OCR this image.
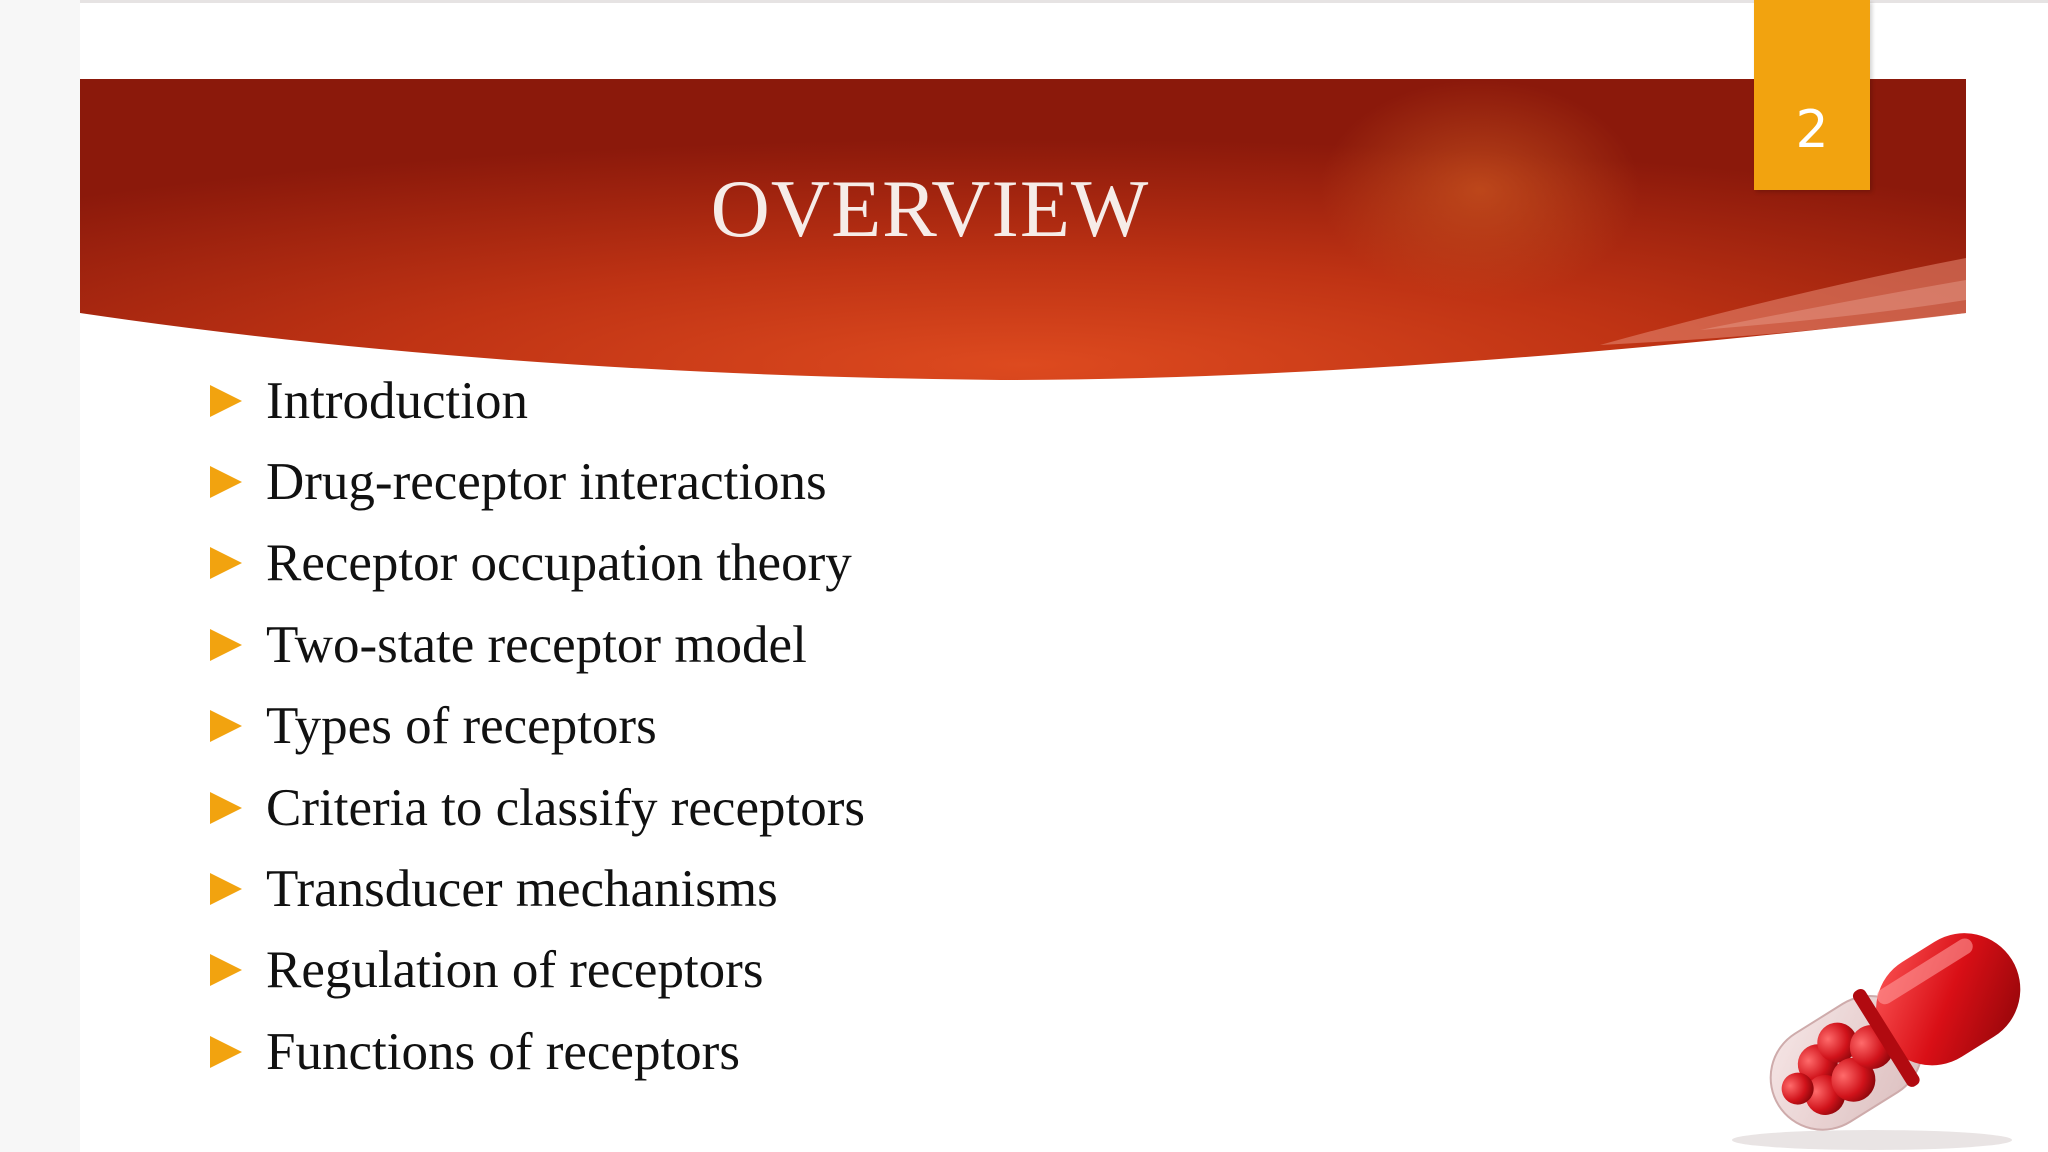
OVERVIEW
2
Introduction
Drug-receptor interactions
Receptor occupation theory
Two-state receptor model
Types of receptors
Criteria to classify receptors
Transducer mechanisms
Regulation of receptors
Functions of receptors
